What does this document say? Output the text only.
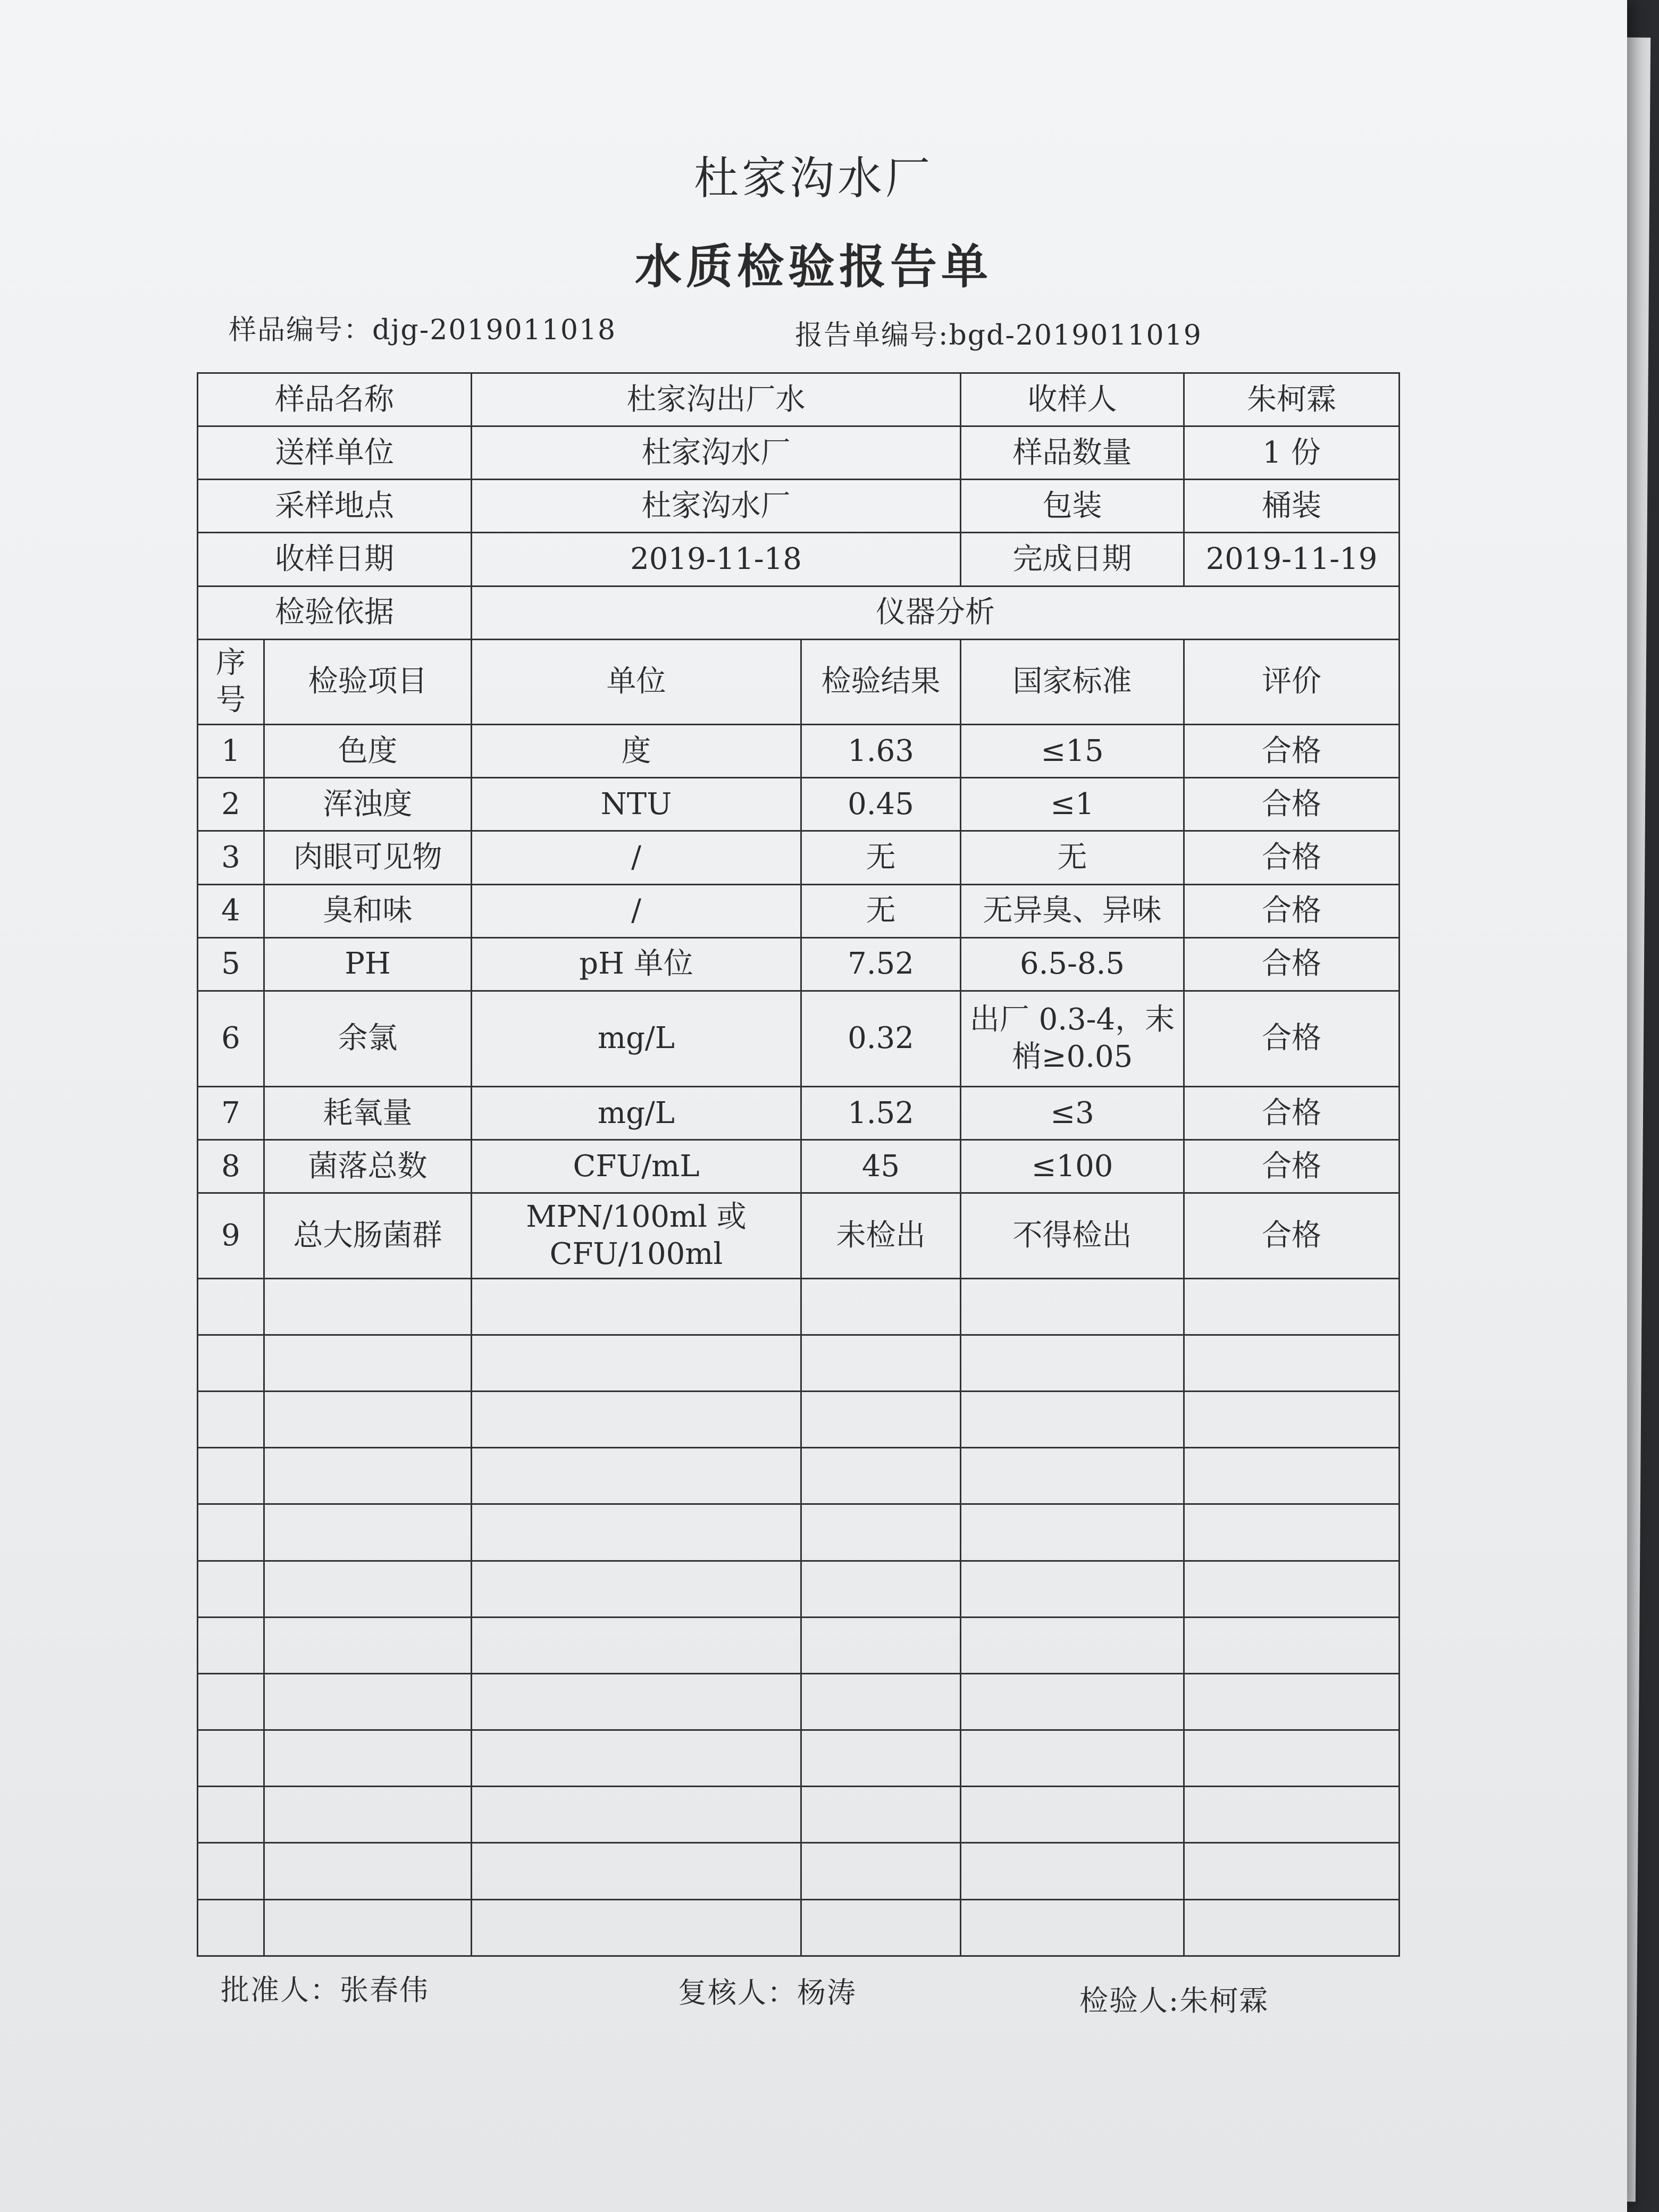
杜家沟水厂
水质检验报告单
样品编号：djg-2019011018	报告单编号:bgd-2019011019
样品名称		杜家沟出厂水		收样人	朱柯霖
送样单位		杜家沟水厂		样品数量	1 份
采样地点		杜家沟水厂		包装	桶装
收样日期		2019-11-18		完成日期	2019-11-19
检验依据		仪器分析			
序号	检验项目	单位	检验结果	国家标准	评价
1	色度	度	1.63	≤15	合格
2	浑浊度	NTU	0.45	≤1	合格
3	肉眼可见物	/	无	无	合格
4	臭和味	/	无	无异臭、异味	合格
5	PH	pH 单位	7.52	6.5-8.5	合格
6	余氯	mg/L	0.32	出厂 0.3-4，末梢≥0.05	合格
7	耗氧量	mg/L	1.52	≤3	合格
8	菌落总数	CFU/mL	45	≤100	合格
9	总大肠菌群	MPN/100ml 或 CFU/100ml	未检出	不得检出	合格

批准人：张春伟	复核人：杨涛	检验人:朱柯霖
